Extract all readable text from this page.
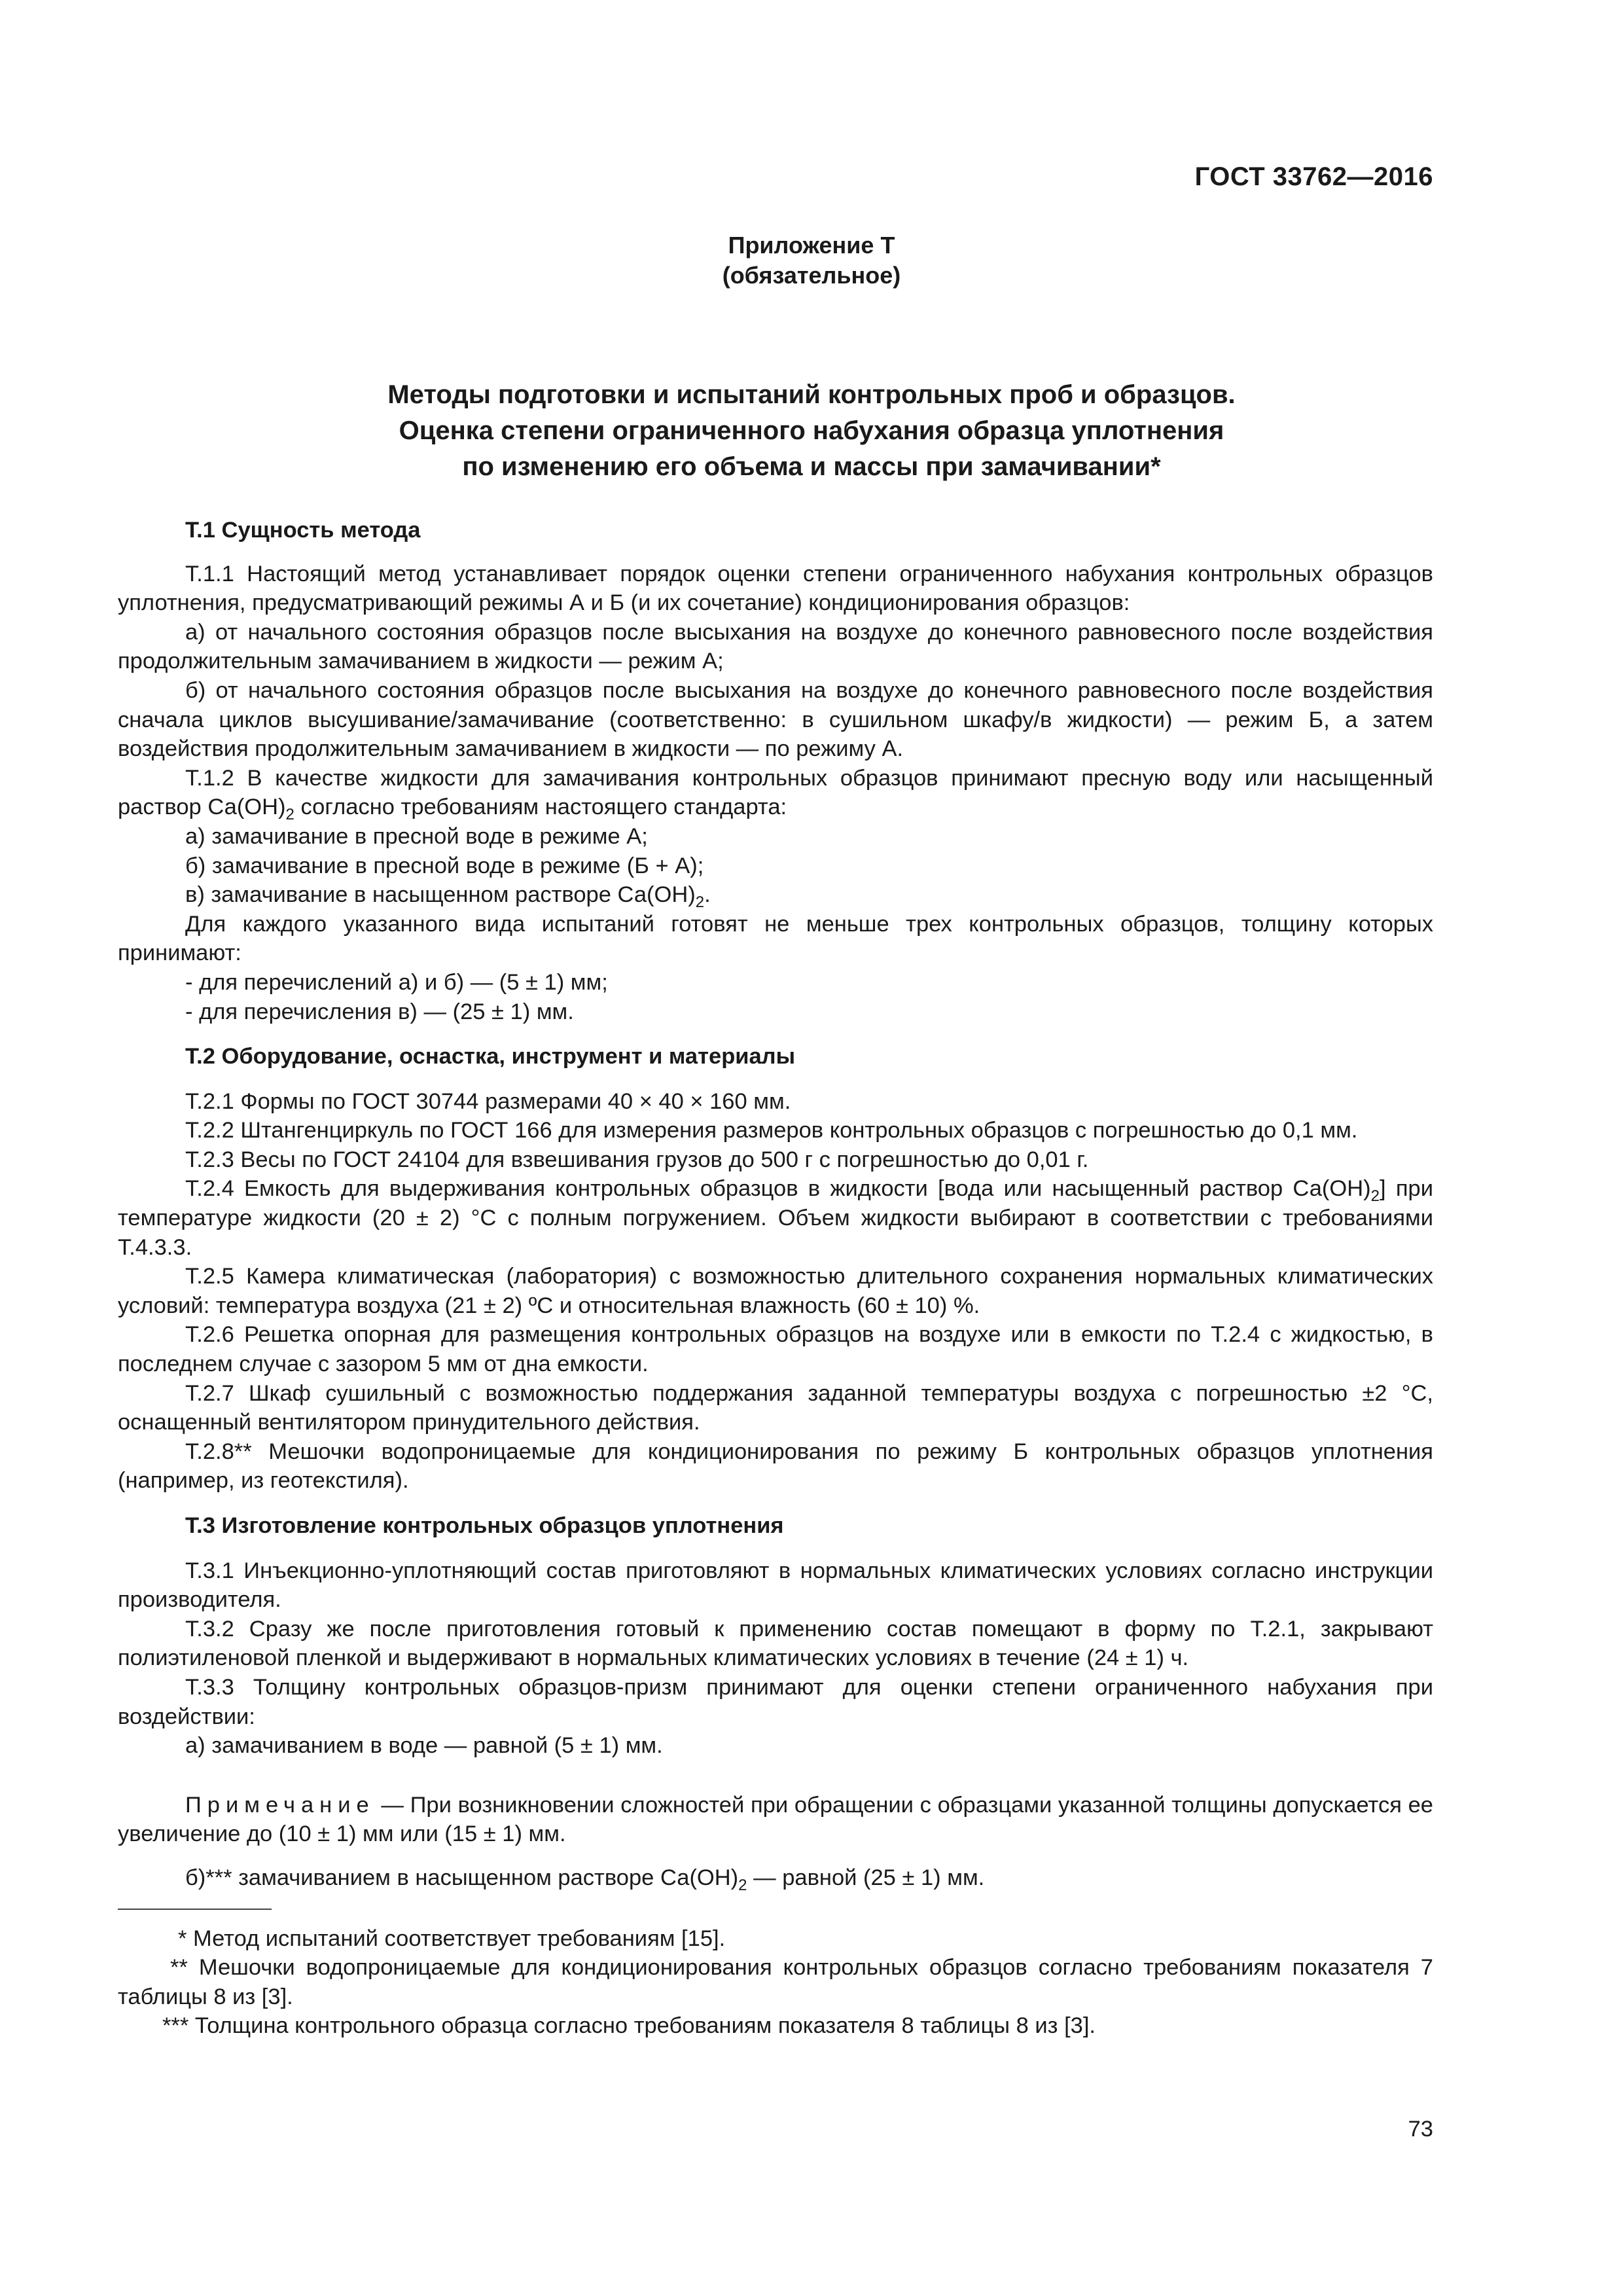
ГОСТ 33762—2016
Приложение Т
(обязательное)
Методы подготовки и испытаний контрольных проб и образцов.
Оценка степени ограниченного набухания образца уплотнения
по изменению его объема и массы при замачивании*
Т.1 Сущность метода

Т.1.1 Настоящий метод устанавливает порядок оценки степени ограниченного набухания контрольных образцов уплотнения, предусматривающий режимы А и Б (и их сочетание) кондиционирования образцов:

а) от начального состояния образцов после высыхания на воздухе до конечного равновесного после воздействия продолжительным замачиванием в жидкости — режим А;

б) от начального состояния образцов после высыхания на воздухе до конечного равновесного после воздействия сначала циклов высушивание/замачивание (соответственно: в сушильном шкафу/в жидкости) — режим Б, а затем воздействия продолжительным замачиванием в жидкости — по режиму А.

Т.1.2 В качестве жидкости для замачивания контрольных образцов принимают пресную воду или насыщенный раствор $Са(ОН)_2$ согласно требованиям настоящего стандарта:

а) замачивание в пресной воде в режиме А;

б) замачивание в пресной воде в режиме (Б + А);

в) замачивание в насыщенном растворе $Са(ОН)_2$.

Для каждого указанного вида испытаний готовят не меньше трех контрольных образцов, толщину которых принимают:

- для перечислений а) и б) — (5 ± 1) мм;

- для перечисления в) — (25 ± 1) мм.

Т.2 Оборудование, оснастка, инструмент и материалы

Т.2.1 Формы по ГОСТ 30744 размерами 40 × 40 × 160 мм.

Т.2.2 Штангенциркуль по ГОСТ 166 для измерения размеров контрольных образцов с погрешностью до 0,1 мм.

Т.2.3 Весы по ГОСТ 24104 для взвешивания грузов до 500 г с погрешностью до 0,01 г.

Т.2.4 Емкость для выдерживания контрольных образцов в жидкости [вода или насыщенный раствор $Са(ОН)_2$] при температуре жидкости (20 ± 2) °С с полным погружением. Объем жидкости выбирают в соответствии с требованиями Т.4.3.3.

Т.2.5 Камера климатическая (лаборатория) с возможностью длительного сохранения нормальных климатических условий: температура воздуха (21 ± 2) ºС и относительная влажность (60 ± 10) %.

Т.2.6 Решетка опорная для размещения контрольных образцов на воздухе или в емкости по Т.2.4 с жидкостью, в последнем случае с зазором 5 мм от дна емкости.

Т.2.7 Шкаф сушильный с возможностью поддержания заданной температуры воздуха с погрешностью ±2 °С, оснащенный вентилятором принудительного действия.

Т.2.8** Мешочки водопроницаемые для кондиционирования по режиму Б контрольных образцов уплотнения (например, из геотекстиля).

Т.3 Изготовление контрольных образцов уплотнения

Т.3.1 Инъекционно-уплотняющий состав приготовляют в нормальных климатических условиях согласно инструкции производителя.

Т.3.2 Сразу же после приготовления готовый к применению состав помещают в форму по Т.2.1, закрывают полиэтиленовой пленкой и выдерживают в нормальных климатических условиях в течение (24 ± 1) ч.

Т.3.3 Толщину контрольных образцов-призм принимают для оценки степени ограниченного набухания при воздействии:

а) замачиванием в воде — равной (5 ± 1) мм.

Примечание — При возникновении сложностей при обращении с образцами указанной толщины допускается ее увеличение до (10 ± 1) мм или (15 ± 1) мм.

б)*** замачиванием в насыщенном растворе $Са(ОН)_2$ — равной (25 ± 1) мм.

* Метод испытаний соответствует требованиям [15].

** Мешочки водопроницаемые для кондиционирования контрольных образцов согласно требованиям показателя 7 таблицы 8 из [3].

*** Толщина контрольного образца согласно требованиям показателя 8 таблицы 8 из [3].

73
